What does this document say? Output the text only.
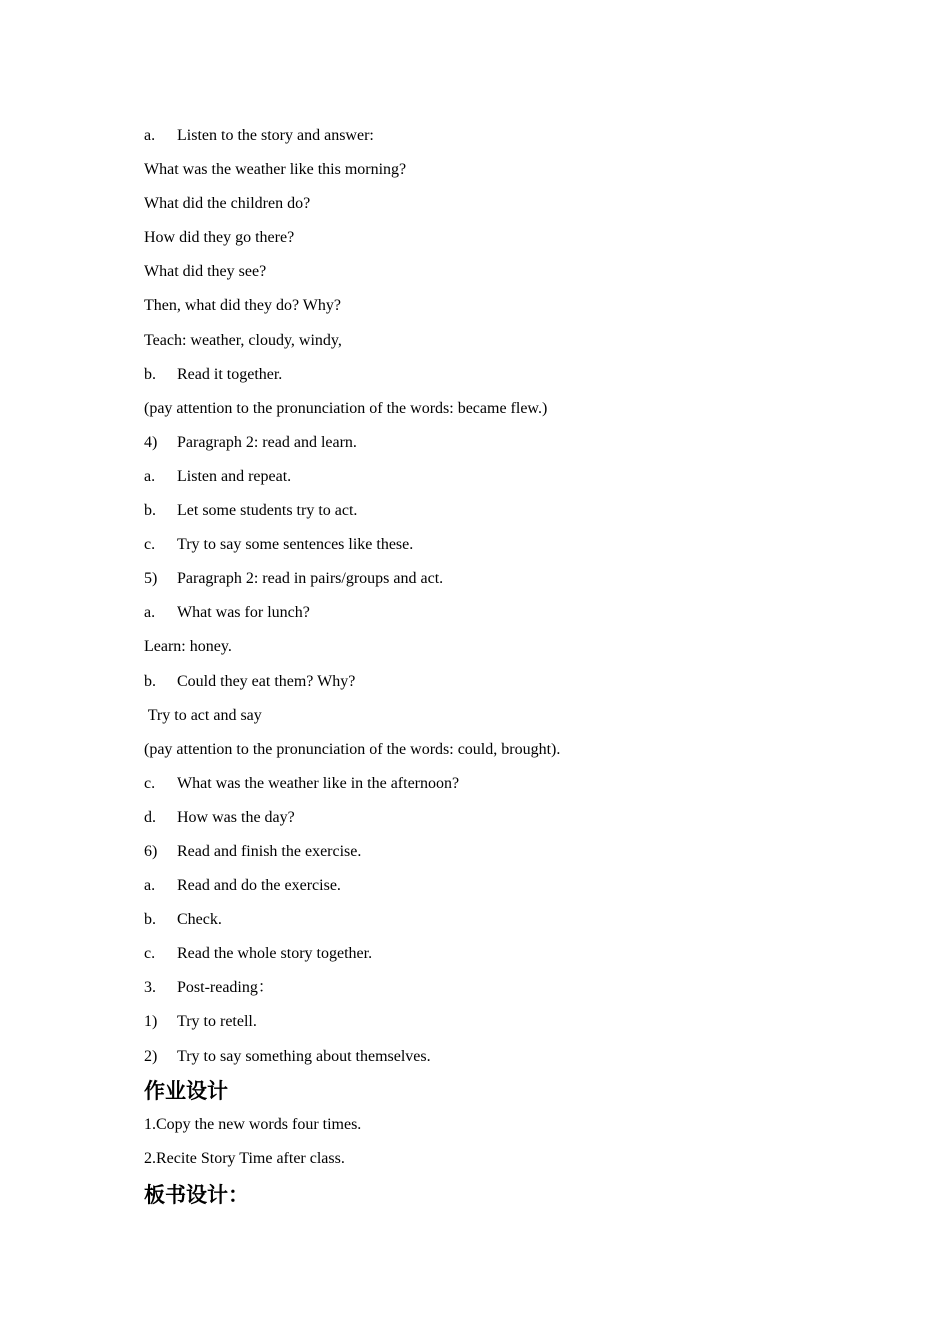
a. Listen to the story and answer:
What was the weather like this morning?
What did the children do?
How did they go there?
What did they see?
Then, what did they do? Why?
Teach: weather, cloudy, windy,
b. Read it together.
(pay attention to the pronunciation of the words: became flew.)
4) Paragraph 2: read and learn.
a. Listen and repeat.
b. Let some students try to act.
c. Try to say some sentences like these.
5) Paragraph 2: read in pairs/groups and act.
a. What was for lunch?
Learn: honey.
b. Could they eat them? Why?
Try to act and say
(pay attention to the pronunciation of the words: could, brought).
c. What was the weather like in the afternoon?
d. How was the day?
6) Read and finish the exercise.
a. Read and do the exercise.
b. Check.
c. Read the whole story together.
3. Post-reading：
1) Try to retell.
2) Try to say something about themselves.
作业设计
1.Copy the new words four times.
2.Recite Story Time after class.
板书设计：
